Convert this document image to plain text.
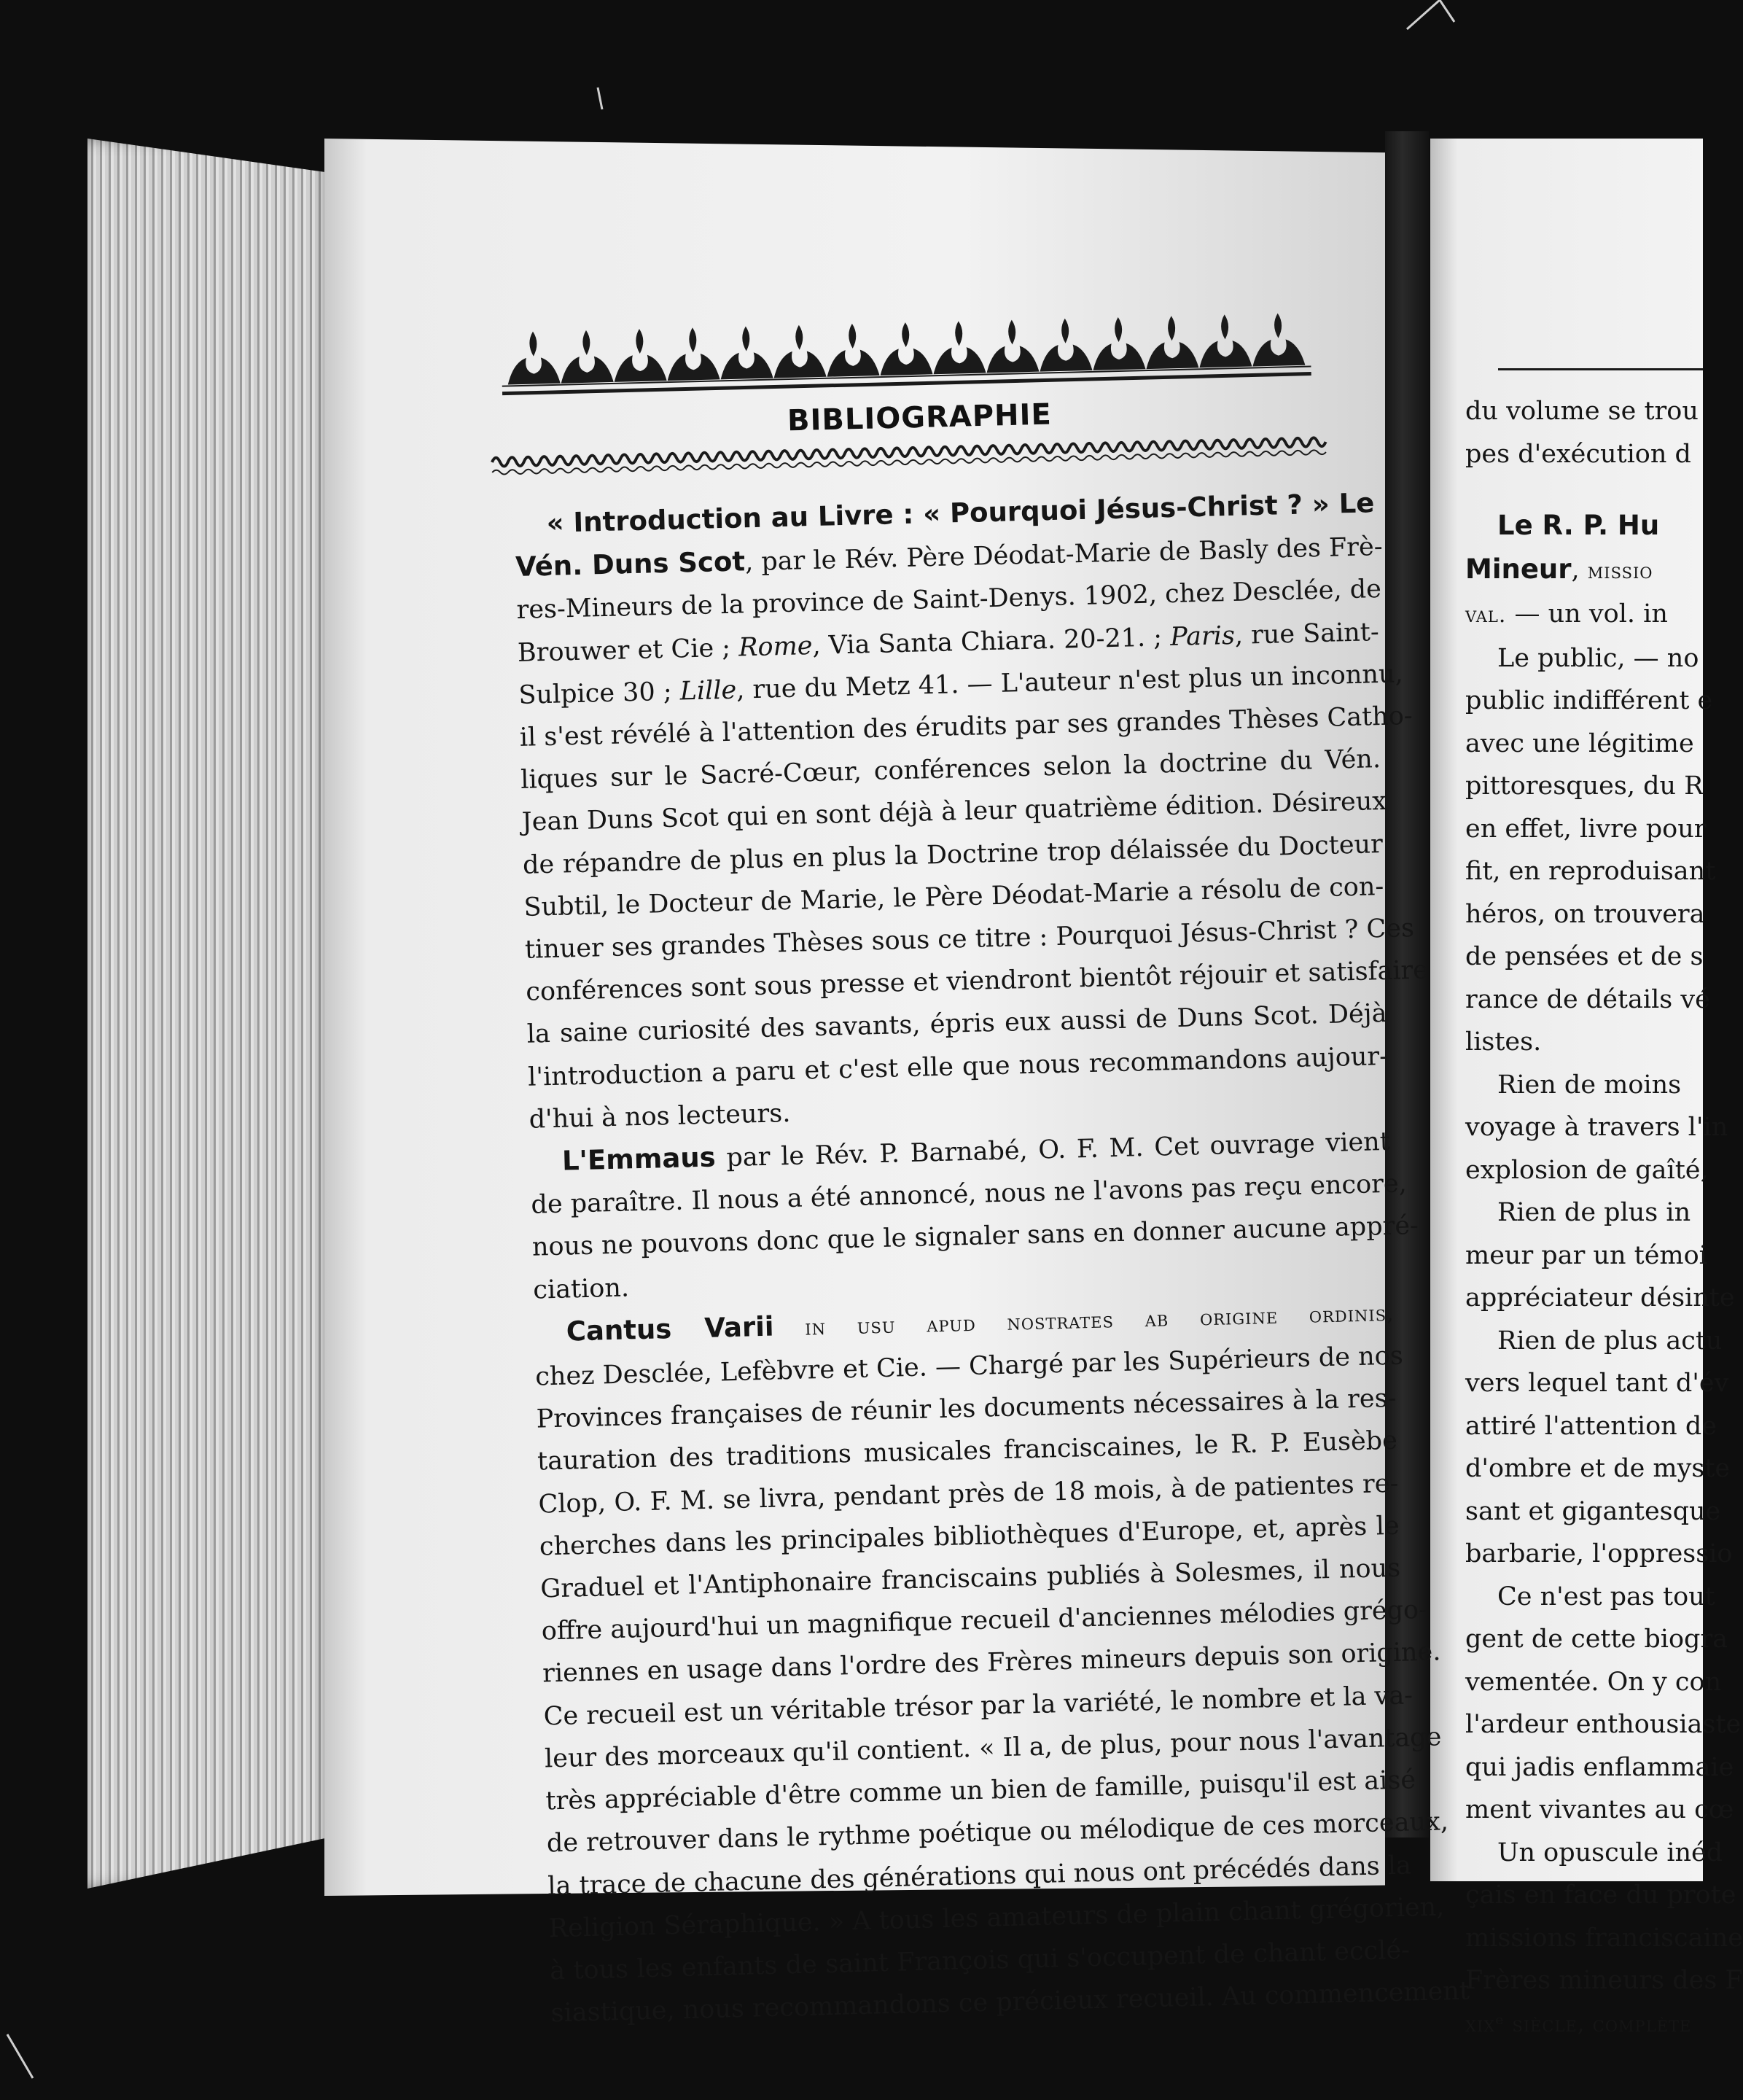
BIBLIOGRAPHIE
« Introduction au Livre : « Pourquoi Jésus-Christ ? » Le
Vén. Duns Scot, par le Rév. Père Déodat-Marie de Basly des Frè-
res-Mineurs de la province de Saint-Denys. 1902, chez Desclée, de
Brouwer et Cie ; Rome, Via Santa Chiara. 20-21. ; Paris, rue Saint-
Sulpice 30 ; Lille, rue du Metz 41. — L'auteur n'est plus un inconnu,
il s'est révélé à l'attention des érudits par ses grandes Thèses Catho-
liques sur le Sacré-Cœur, conférences selon la doctrine du Vén.
Jean Duns Scot qui en sont déjà à leur quatrième édition. Désireux
de répandre de plus en plus la Doctrine trop délaissée du Docteur
Subtil, le Docteur de Marie, le Père Déodat-Marie a résolu de con-
tinuer ses grandes Thèses sous ce titre : Pourquoi Jésus-Christ ? Ces
conférences sont sous presse et viendront bientôt réjouir et satisfaire
la saine curiosité des savants, épris eux aussi de Duns Scot. Déjà
l'introduction a paru et c'est elle que nous recommandons aujour-
d'hui à nos lecteurs.
L'Emmaus par le Rév. P. Barnabé, O. F. M. Cet ouvrage vient
de paraître. Il nous a été annoncé, nous ne l'avons pas reçu encore,
nous ne pouvons donc que le signaler sans en donner aucune appré-
ciation.
Cantus Varii in usu apud nostrates ab origine ordinis,
chez Desclée, Lefèbvre et Cie. — Chargé par les Supérieurs de nos
Provinces françaises de réunir les documents nécessaires à la res-
tauration des traditions musicales franciscaines, le R. P. Eusèbe
Clop, O. F. M. se livra, pendant près de 18 mois, à de patientes re-
cherches dans les principales bibliothèques d'Europe, et, après le
Graduel et l'Antiphonaire franciscains publiés à Solesmes, il nous
offre aujourd'hui un magnifique recueil d'anciennes mélodies grégo-
riennes en usage dans l'ordre des Frères mineurs depuis son origine.
Ce recueil est un véritable trésor par la variété, le nombre et la va-
leur des morceaux qu'il contient. « Il a, de plus, pour nous l'avantage
très appréciable d'être comme un bien de famille, puisqu'il est aisé
de retrouver dans le rythme poétique ou mélodique de ces morceaux,
la trace de chacune des générations qui nous ont précédés dans la
Religion Séraphique. » A tous les amateurs de plain chant grégorien,
à tous les enfants de saint François qui s'occupent de chant ecclé-
siastique, nous recommandons ce précieux recueil. Au commencement
du volume se trou
pes d'exécution d
Le R. P. Hu
Mineur, missio
val. — un vol. in
Le public, — no
public indifférent e
avec une légitime
pittoresques, du R
en effet, livre pour
fit, en reproduisant
héros, on trouvera
de pensées et de s
rance de détails vé
listes.
Rien de moins
voyage à travers l'in
explosion de gaîté,
Rien de plus in
meur par un témoi
appréciateur désinte
Rien de plus actu
vers lequel tant d'év
attiré l'attention de
d'ombre et de myste
sant et gigantesque
barbarie, l'oppressio
Ce n'est pas tout
gent de cette biogra
vementée. On y con
l'ardeur enthousiaste
qui jadis enflammaie
ment vivantes au cœ
Un opuscule inéd
çais en face du prote
missions franciscaine
Frères mineurs des F
xixᵉ siècle, complète
